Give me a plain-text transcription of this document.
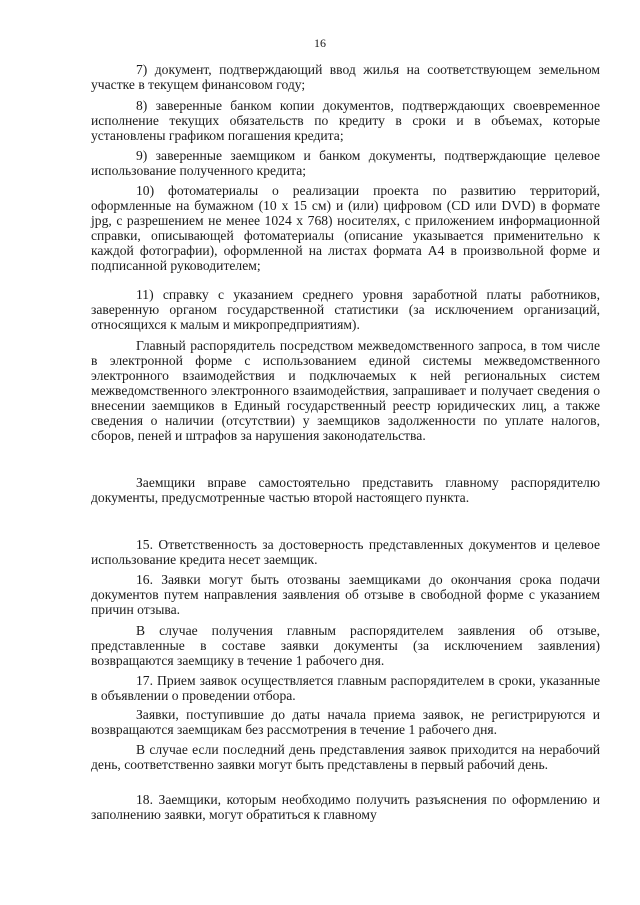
16

7) документ, подтверждающий ввод жилья на соответствующем земельном участке в текущем финансовом году;

8) заверенные банком копии документов, подтверждающих своевременное исполнение текущих обязательств по кредиту в сроки и в объемах, которые установлены графиком погашения кредита;

9) заверенные заемщиком и банком документы, подтверждающие целевое использование полученного кредита;

10) фотоматериалы о реализации проекта по развитию территорий, оформленные на бумажном (10 х 15 см) и (или) цифровом (CD или DVD) в формате jpg, с разрешением не менее 1024 х 768) носителях, с приложением информационной справки, описывающей фотоматериалы (описание указывается применительно к каждой фотографии), оформленной на листах формата А4 в произвольной форме и подписанной руководителем;

11) справку с указанием среднего уровня заработной платы работников, заверенную органом государственной статистики (за исключением организаций, относящихся к малым и микропредприятиям).

Главный распорядитель посредством межведомственного запроса, в том числе в электронной форме с использованием единой системы межведомственного электронного взаимодействия и подключаемых к ней региональных систем межведомственного электронного взаимодействия, запрашивает и получает сведения о внесении заемщиков в Единый государственный реестр юридических лиц, а также сведения о наличии (отсутствии) у заемщиков задолженности по уплате налогов, сборов, пеней и штрафов за нарушения законодательства.

Заемщики вправе самостоятельно представить главному распорядителю документы, предусмотренные частью второй настоящего пункта.

15. Ответственность за достоверность представленных документов и целевое использование кредита несет заемщик.

16. Заявки могут быть отозваны заемщиками до окончания срока подачи документов путем направления заявления об отзыве в свободной форме с указанием причин отзыва.

В случае получения главным распорядителем заявления об отзыве, представленные в составе заявки документы (за исключением заявления) возвращаются заемщику в течение 1 рабочего дня.

17. Прием заявок осуществляется главным распорядителем в сроки, указанные в объявлении о проведении отбора.

Заявки, поступившие до даты начала приема заявок, не регистрируются и возвращаются заемщикам без рассмотрения в течение 1 рабочего дня.

В случае если последний день представления заявок приходится на нерабочий день, соответственно заявки могут быть представлены в первый рабочий день.

18. Заемщики, которым необходимо получить разъяснения по оформлению и заполнению заявки, могут обратиться к главному
